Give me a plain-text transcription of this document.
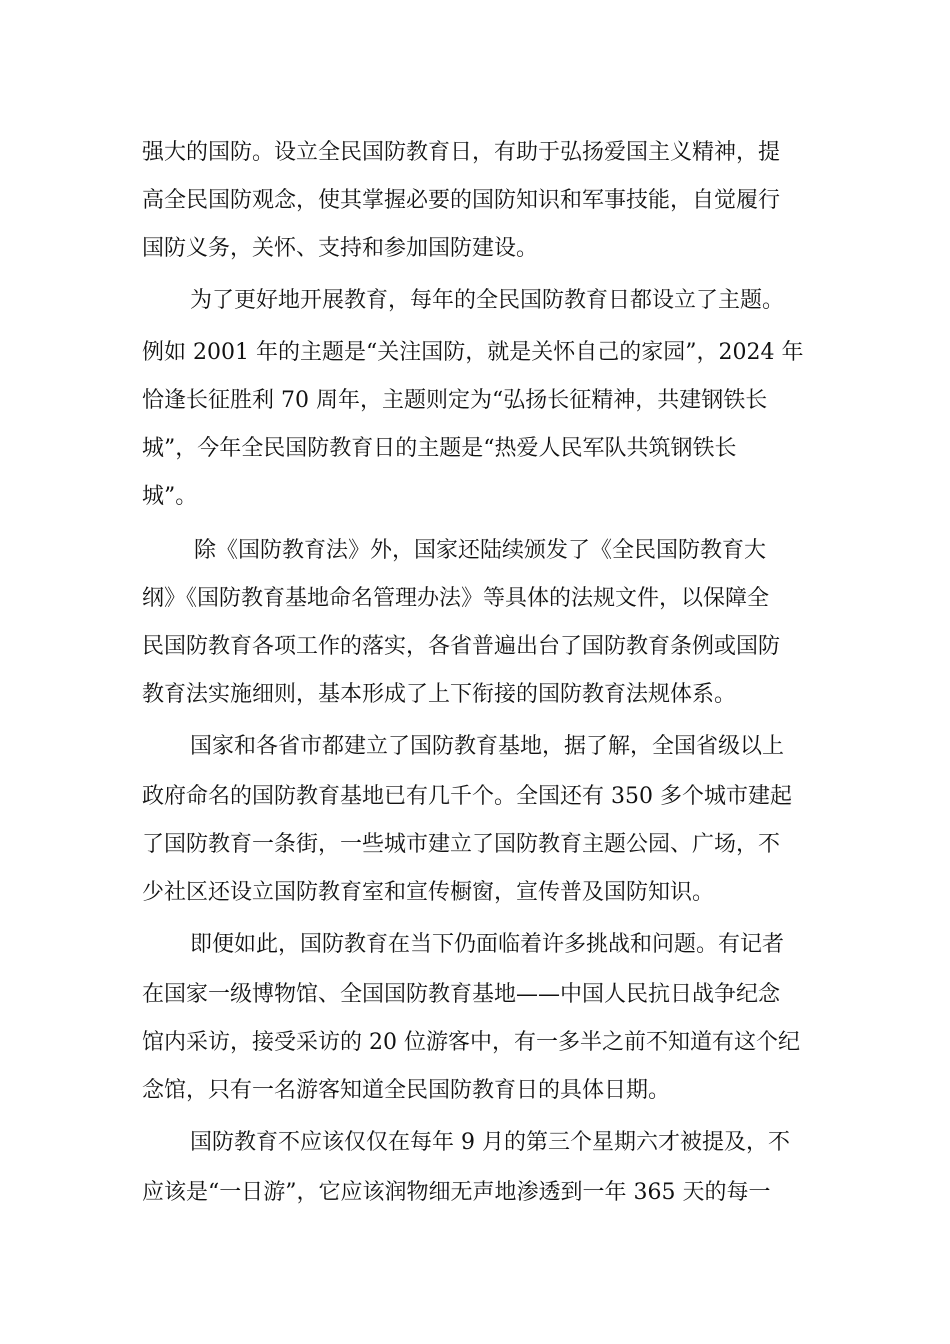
强大的国防。设立全民国防教育日，有助于弘扬爱国主义精神，提

高全民国防观念，使其掌握必要的国防知识和军事技能，自觉履行

国防义务，关怀、支持和参加国防建设。

为了更好地开展教育，每年的全民国防教育日都设立了主题。

例如 2001 年的主题是“关注国防，就是关怀自己的家园”，2024 年

恰逢长征胜利 70 周年，主题则定为“弘扬长征精神，共建钢铁长

城”，今年全民国防教育日的主题是“热爱人民军队共筑钢铁长

城”。

除《国防教育法》外，国家还陆续颁发了《全民国防教育大

纲》《国防教育基地命名管理办法》等具体的法规文件，以保障全

民国防教育各项工作的落实，各省普遍出台了国防教育条例或国防

教育法实施细则，基本形成了上下衔接的国防教育法规体系。

国家和各省市都建立了国防教育基地，据了解，全国省级以上

政府命名的国防教育基地已有几千个。全国还有 350 多个城市建起

了国防教育一条街，一些城市建立了国防教育主题公园、广场，不

少社区还设立国防教育室和宣传橱窗，宣传普及国防知识。

即便如此，国防教育在当下仍面临着许多挑战和问题。有记者

在国家一级博物馆、全国国防教育基地——中国人民抗日战争纪念

馆内采访，接受采访的 20 位游客中，有一多半之前不知道有这个纪

念馆，只有一名游客知道全民国防教育日的具体日期。

国防教育不应该仅仅在每年 9 月的第三个星期六才被提及，不

应该是“一日游”，它应该润物细无声地渗透到一年 365 天的每一
